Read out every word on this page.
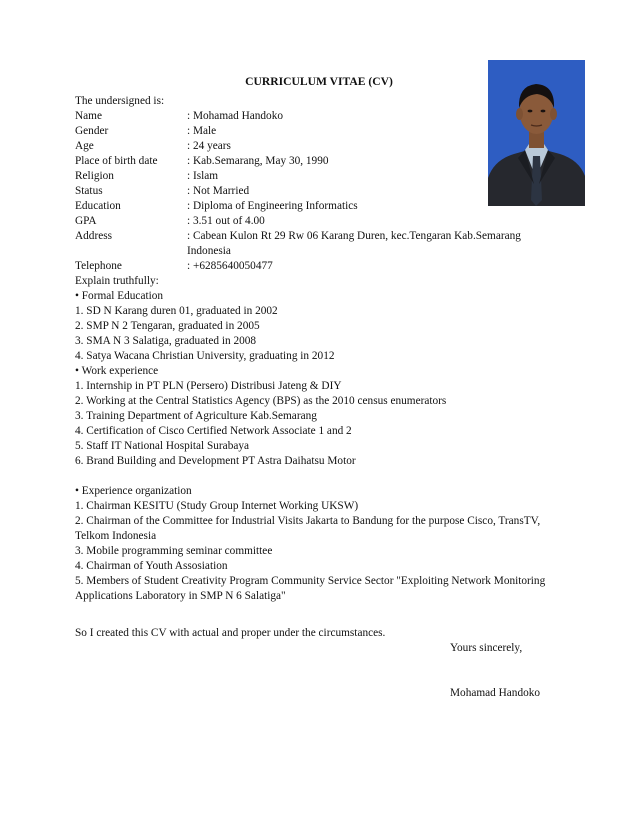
CURRICULUM VITAE (CV)
The undersigned is:
Name	: Mohamad Handoko
Gender	: Male
Age	: 24 years
Place of birth date	: Kab.Semarang, May 30, 1990
Religion	: Islam
Status	: Not Married
Education	: Diploma of Engineering Informatics
GPA	: 3.51 out of 4.00
Address	: Cabean Kulon Rt 29 Rw 06 Karang Duren, kec.Tengaran Kab.Semarang
Indonesia
Telephone	: +6285640050477
Explain truthfully:
• Formal Education
1. SD N Karang duren 01, graduated in 2002
2. SMP N 2 Tengaran, graduated in 2005
3. SMA N 3 Salatiga, graduated in 2008
4. Satya Wacana Christian University, graduating in 2012
• Work experience
1. Internship in PT PLN (Persero) Distribusi Jateng & DIY
2. Working at the Central Statistics Agency (BPS) as the 2010 census enumerators
3. Training Department of Agriculture Kab.Semarang
4. Certification of Cisco Certified Network Associate 1 and 2
5. Staff IT National Hospital Surabaya
6. Brand Building and Development PT Astra Daihatsu Motor
• Experience organization
1. Chairman KESITU (Study Group Internet Working UKSW)
2. Chairman of the Committee for Industrial Visits Jakarta to Bandung for the purpose Cisco, TransTV, Telkom Indonesia
3. Mobile programming seminar committee
4. Chairman of Youth Assosiation
5. Members of Student Creativity Program Community Service Sector "Exploiting Network Monitoring Applications Laboratory in SMP N 6 Salatiga"
So I created this CV with actual and proper under the circumstances.
Yours sincerely,
Mohamad Handoko
